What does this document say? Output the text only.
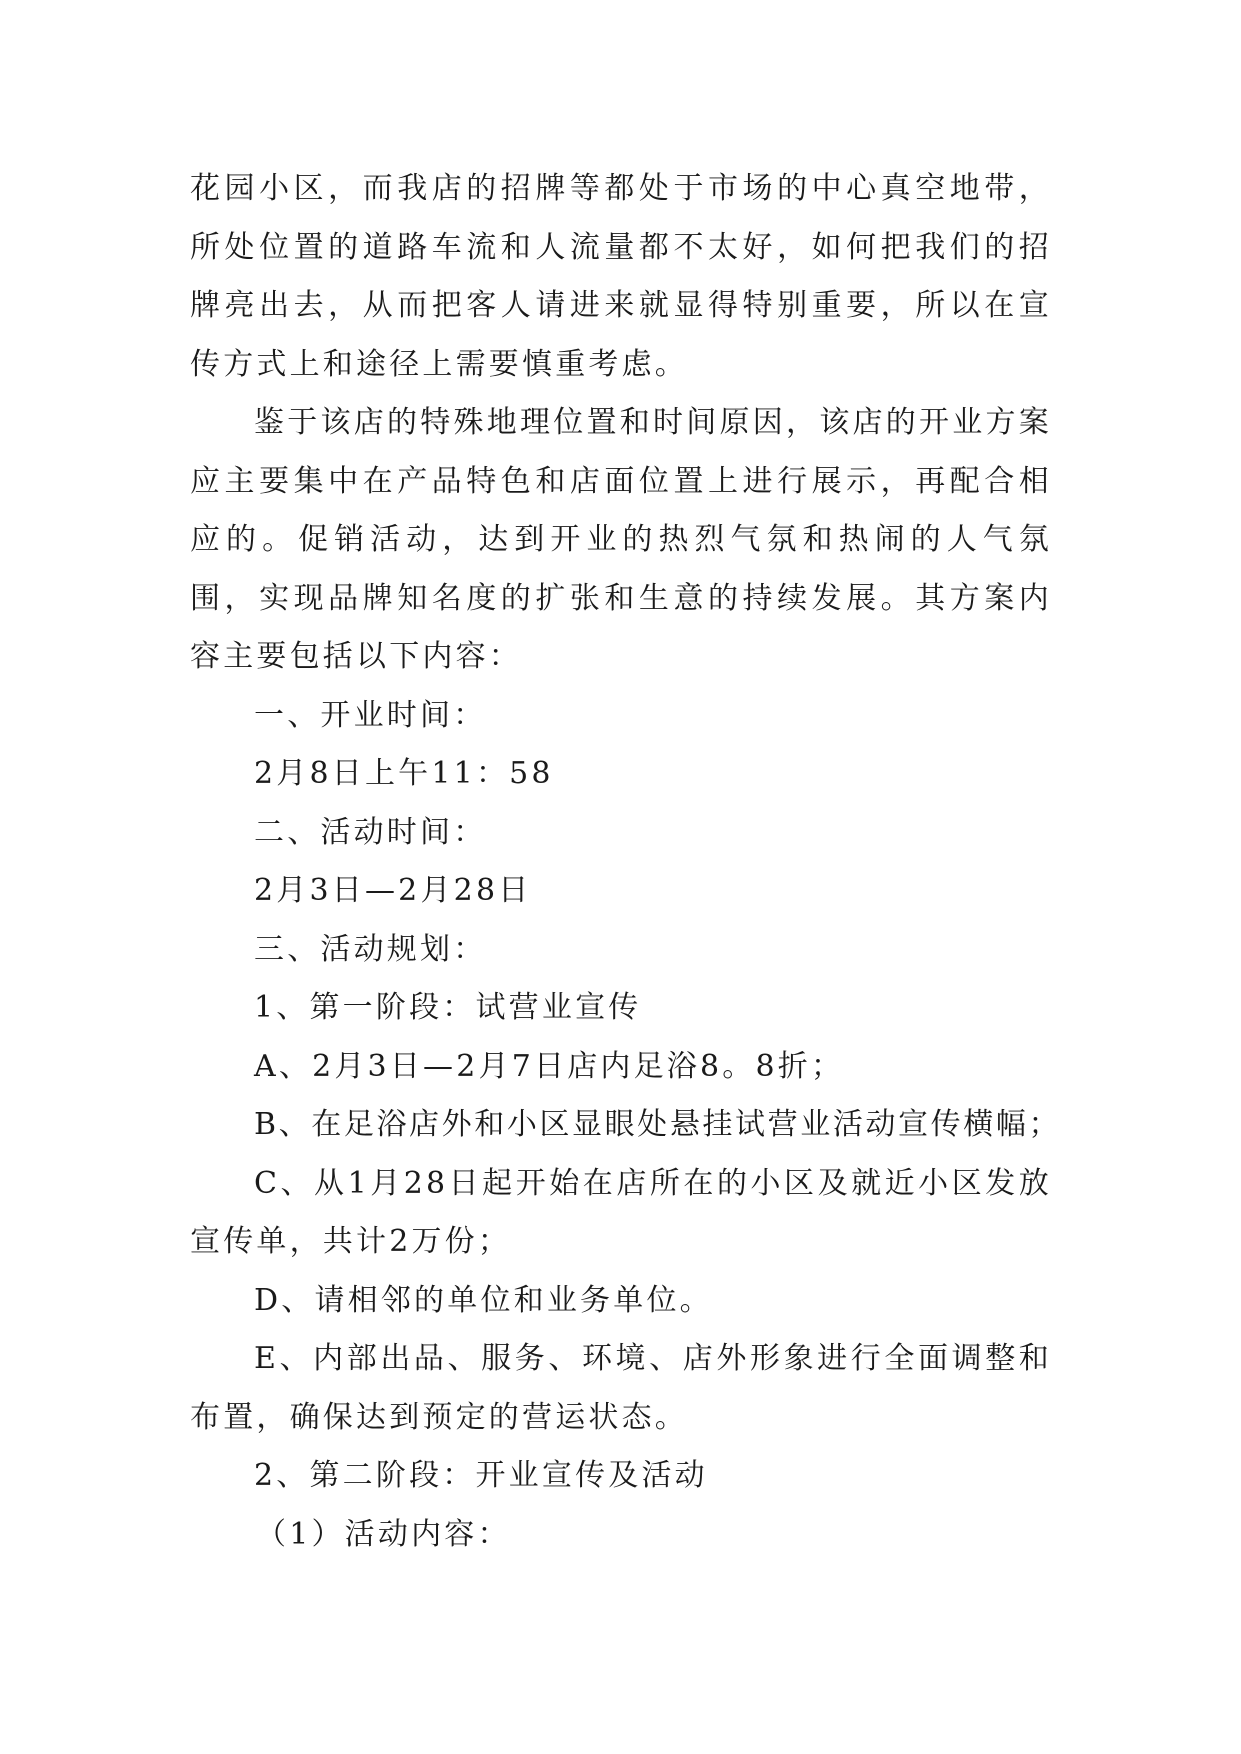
花园小区，而我店的招牌等都处于市场的中心真空地带，所处位置的道路车流和人流量都不太好，如何把我们的招牌亮出去，从而把客人请进来就显得特别重要，所以在宣传方式上和途径上需要慎重考虑。

鉴于该店的特殊地理位置和时间原因，该店的开业方案应主要集中在产品特色和店面位置上进行展示，再配合相应的。促销活动，达到开业的热烈气氛和热闹的人气氛围，实现品牌知名度的扩张和生意的持续发展。其方案内容主要包括以下内容：

一、开业时间：

2月8日上午11：58

二、活动时间：

2月3日—2月28日

三、活动规划：

1、第一阶段：试营业宣传

A、2月3日—2月7日店内足浴8。8折；

B、在足浴店外和小区显眼处悬挂试营业活动宣传横幅；

C、从1月28日起开始在店所在的小区及就近小区发放宣传单，共计2万份；

D、请相邻的单位和业务单位。

E、内部出品、服务、环境、店外形象进行全面调整和布置，确保达到预定的营运状态。

2、第二阶段：开业宣传及活动

（1）活动内容：
